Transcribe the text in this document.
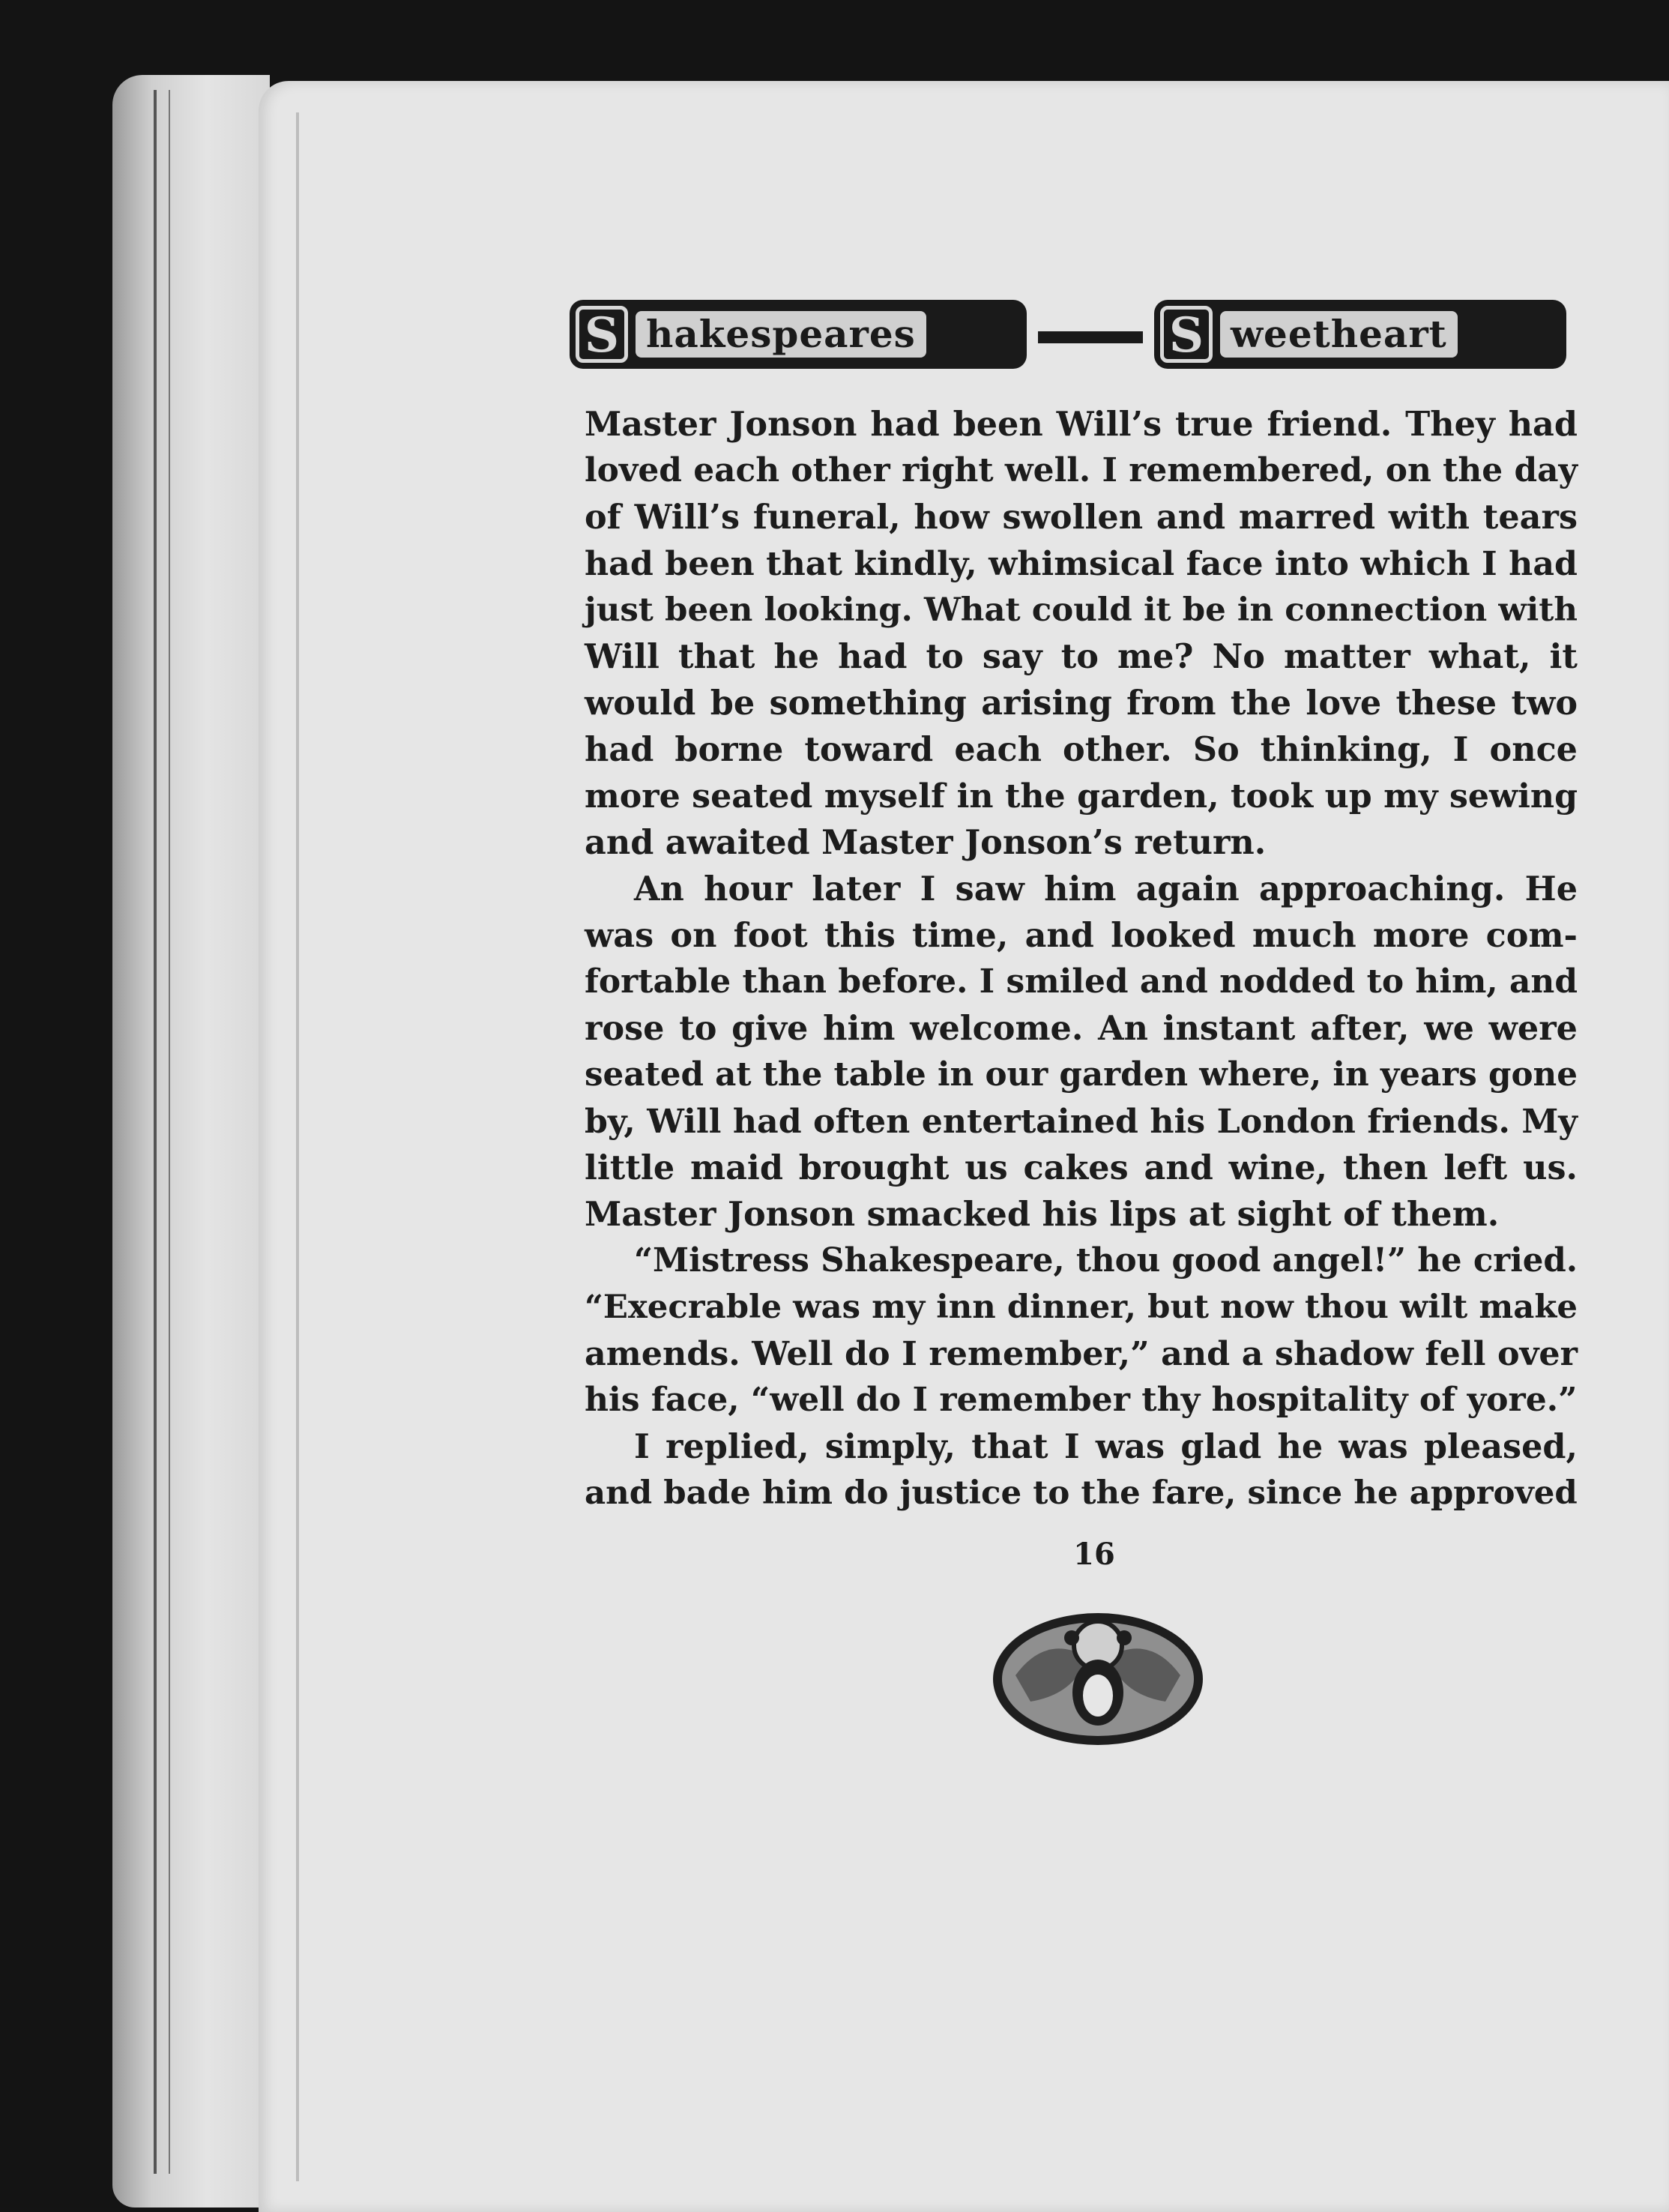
S hakespeares	S weetheart
Master Jonson had been Will’s true friend. They had
loved each other right well. I remembered, on the day
of Will’s funeral, how swollen and marred with tears
had been that kindly, whimsical face into which I had
just been looking. What could it be in connection with
Will that he had to say to me? No matter what, it
would be something arising from the love these two
had borne toward each other. So thinking, I once
more seated myself in the garden, took up my sewing
and awaited Master Jonson’s return.
An hour later I saw him again approaching. He
was on foot this time, and looked much more com-
fortable than before. I smiled and nodded to him, and
rose to give him welcome. An instant after, we were
seated at the table in our garden where, in years gone
by, Will had often entertained his London friends. My
little maid brought us cakes and wine, then left us.
Master Jonson smacked his lips at sight of them.
“Mistress Shakespeare, thou good angel!” he cried.
“Execrable was my inn dinner, but now thou wilt make
amends. Well do I remember,” and a shadow fell over
his face, “well do I remember thy hospitality of yore.”
I replied, simply, that I was glad he was pleased,
and bade him do justice to the fare, since he approved
16
